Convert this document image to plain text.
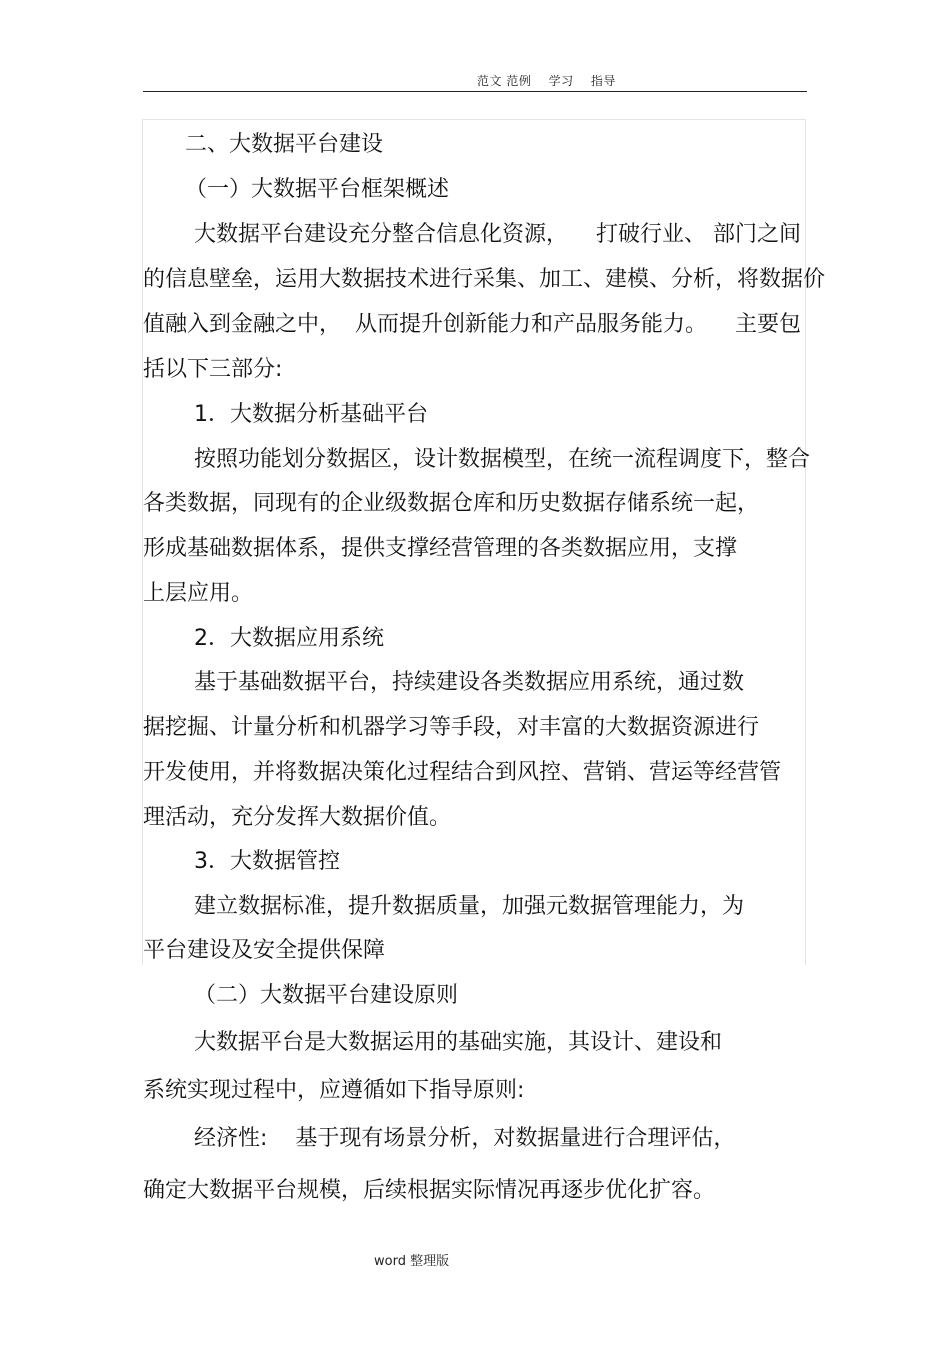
范文 范例    学习    指导
二、大数据平台建设
（一）大数据平台框架概述
大数据平台建设充分整合信息化资源，    打破行业、 部门之间
的信息壁垒，运用大数据技术进行采集、加工、建模、分析，将数据价
值融入到金融之中，  从而提升创新能力和产品服务能力。    主要包
括以下三部分:
1．大数据分析基础平台
按照功能划分数据区，设计数据模型，在统一流程调度下，整合
各类数据，同现有的企业级数据仓库和历史数据存储系统一起，
形成基础数据体系，提供支撑经营管理的各类数据应用，支撑
上层应用。
2．大数据应用系统
基于基础数据平台，持续建设各类数据应用系统，通过数
据挖掘、计量分析和机器学习等手段，对丰富的大数据资源进行
开发使用，并将数据决策化过程结合到风控、营销、营运等经营管
理活动，充分发挥大数据价值。
3．大数据管控
建立数据标准，提升数据质量，加强元数据管理能力，为
平台建设及安全提供保障
（二）大数据平台建设原则
大数据平台是大数据运用的基础实施，其设计、建设和
系统实现过程中，应遵循如下指导原则:
经济性:    基于现有场景分析，对数据量进行合理评估，
确定大数据平台规模，后续根据实际情况再逐步优化扩容。
word 整理版
